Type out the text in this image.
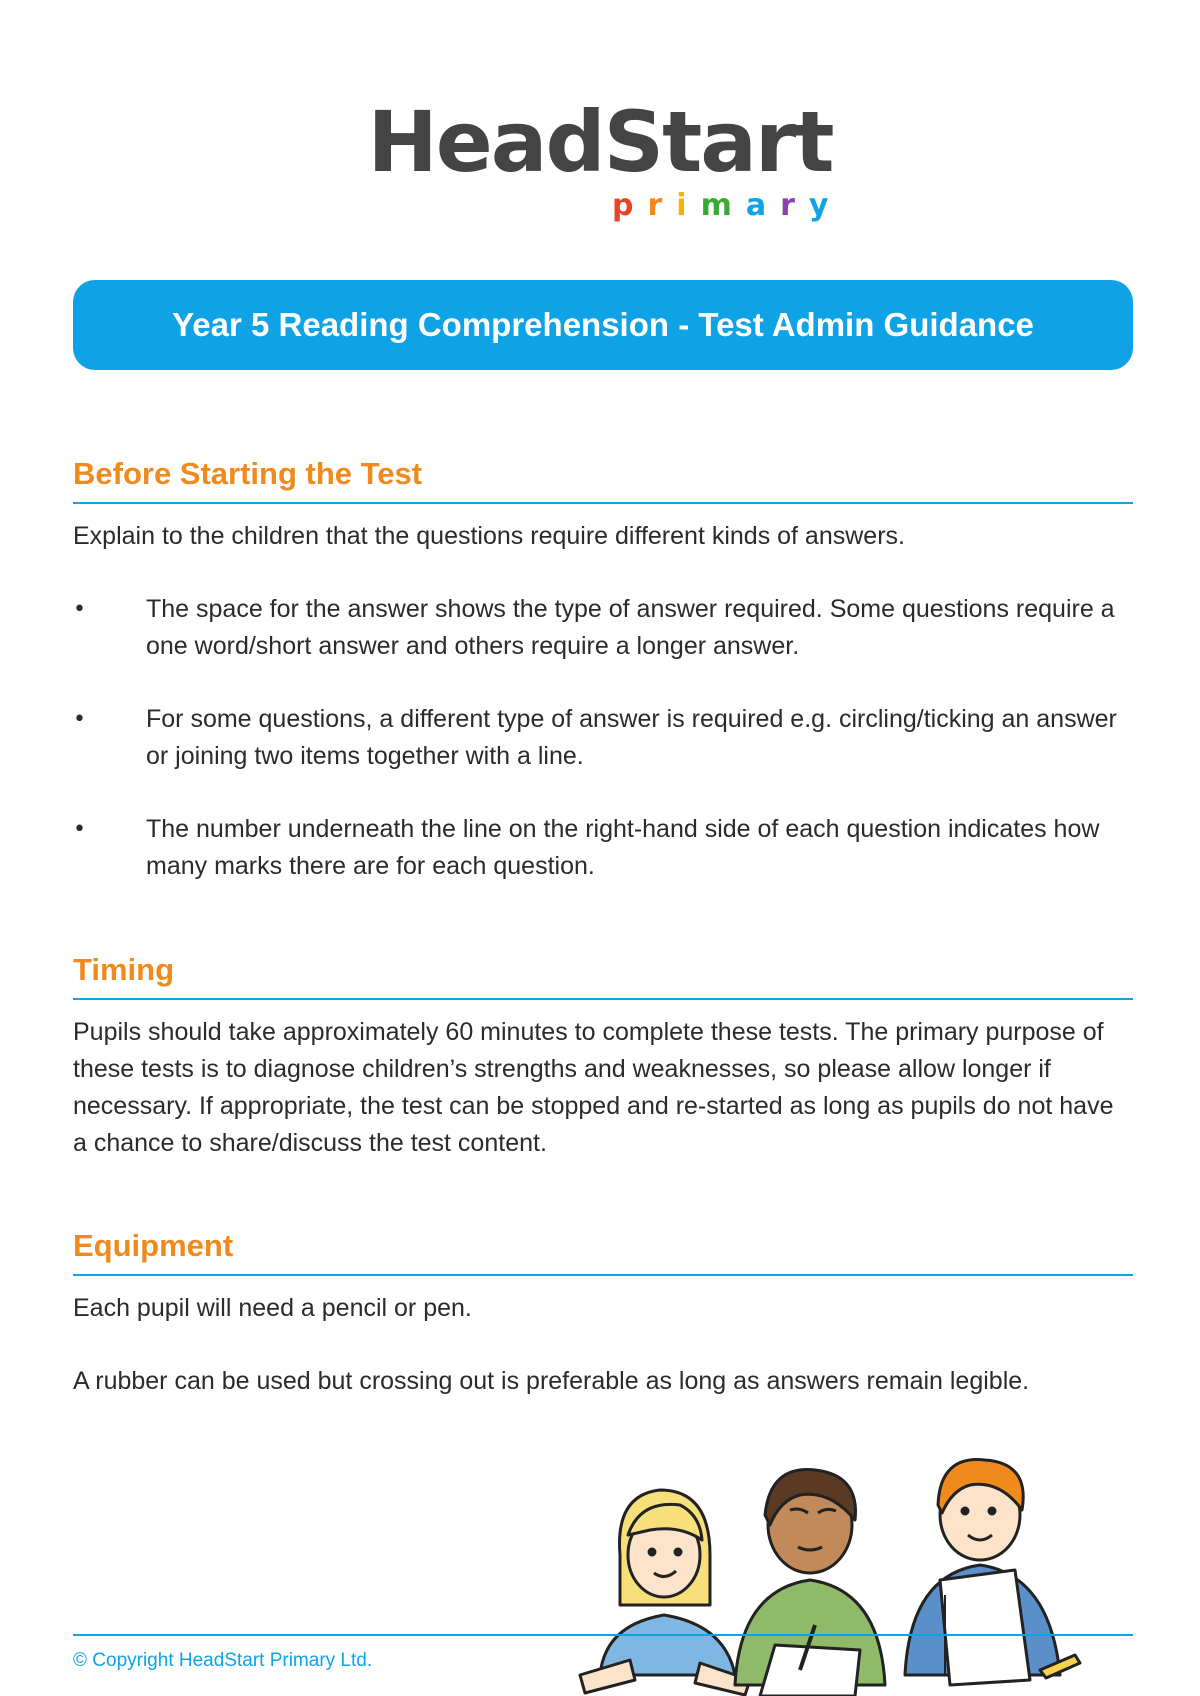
HeadStart
primary
Year 5 Reading Comprehension - Test Admin Guidance
Before Starting the Test

Explain to the children that the questions require different kinds of answers.

• The space for the answer shows the type of answer required. Some questions require a one word/short answer and others require a longer answer.
• For some questions, a different type of answer is required e.g. circling/ticking an answer or joining two items together with a line.
• The number underneath the line on the right-hand side of each question indicates how many marks there are for each question.
Timing

Pupils should take approximately 60 minutes to complete these tests. The primary purpose of these tests is to diagnose children’s strengths and weaknesses, so please allow longer if necessary. If appropriate, the test can be stopped and re-started as long as pupils do not have a chance to share/discuss the test content.

Equipment

Each pupil will need a pencil or pen.

A rubber can be used but crossing out is preferable as long as answers remain legible.

© Copyright HeadStart Primary Ltd.
